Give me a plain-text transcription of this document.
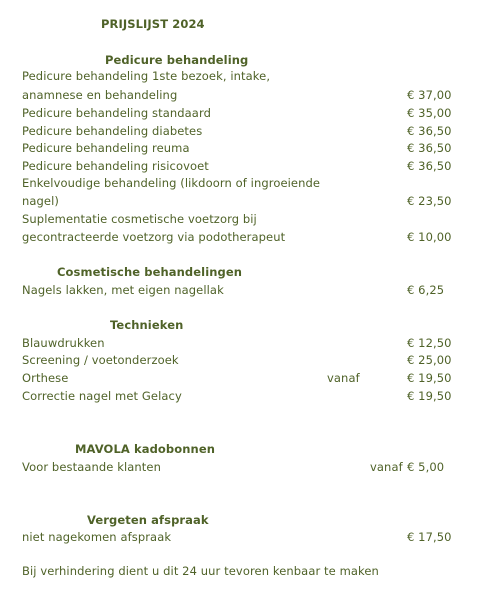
PRIJSLIJST 2024
Pedicure behandeling
Pedicure behandeling 1ste bezoek, intake,
anamnese en behandeling	€ 37,00
Pedicure behandeling standaard	€ 35,00
Pedicure behandeling diabetes	€ 36,50
Pedicure behandeling reuma	€ 36,50
Pedicure behandeling risicovoet	€ 36,50
Enkelvoudige behandeling (likdoorn of ingroeiende
nagel)	€ 23,50
Suplementatie cosmetische voetzorg bij
gecontracteerde voetzorg via podotherapeut	€ 10,00
Cosmetische behandelingen
Nagels lakken, met eigen nagellak	€ 6,25
Technieken
Blauwdrukken	€ 12,50
Screening / voetonderzoek	€ 25,00
Orthese	vanaf	€ 19,50
Correctie nagel met Gelacy	€ 19,50
MAVOLA kadobonnen
Voor bestaande klanten	vanaf € 5,00
Vergeten afspraak
niet nagekomen afspraak	€ 17,50
Bij verhindering dient u dit 24 uur tevoren kenbaar te maken
